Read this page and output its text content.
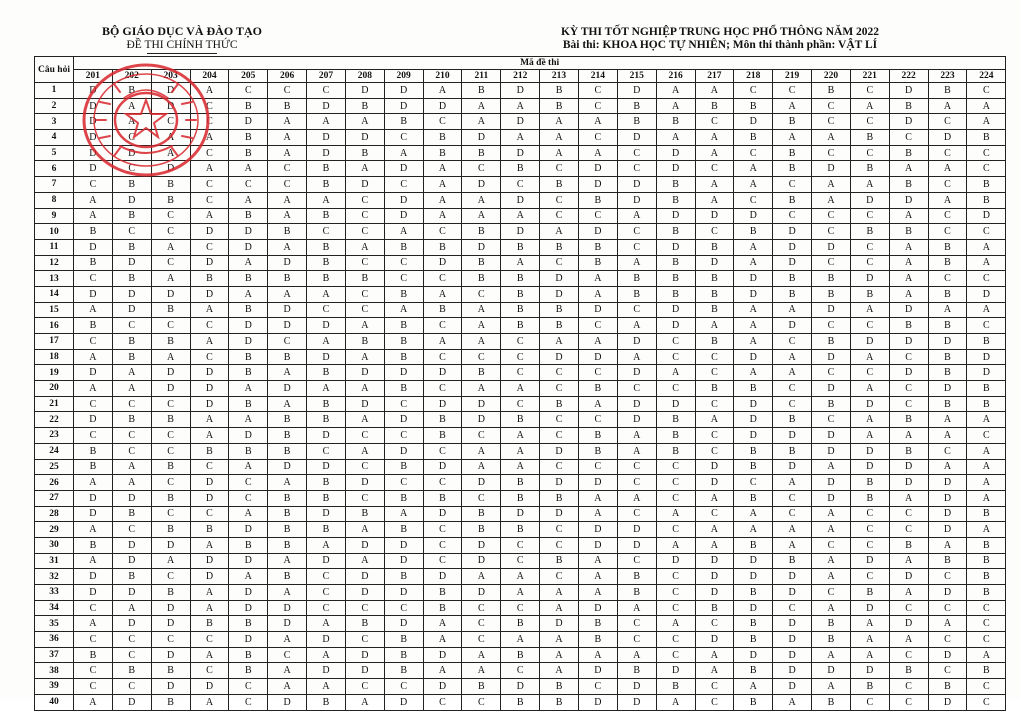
BỘ GIÁO DỤC VÀ ĐÀO TẠO
ĐỀ THI CHÍNH THỨC
KỲ THI TỐT NGHIỆP TRUNG HỌC PHỔ THÔNG NĂM 2022
Bài thi: KHOA HỌC TỰ NHIÊN; Môn thi thành phần: VẬT LÍ
Câu hỏi	Mã đề thi																							
	201	202	203	204	205	206	207	208	209	210	211	212	213	214	215	216	217	218	219	220	221	222	223	224
1	D	B	D	A	C	C	C	D	D	A	B	D	B	C	D	A	A	C	C	B	C	D	B	C
2	D	A	D	C	B	B	D	B	D	D	A	A	B	C	B	A	B	B	A	C	A	B	A	A
3	D	A	C	C	D	A	A	A	B	C	A	D	A	A	B	B	C	D	B	C	C	D	C	A
4	D	C	A	A	B	A	D	D	C	B	D	A	A	C	D	A	A	B	A	A	B	C	D	B
5	D	D	A	C	B	A	D	B	A	B	B	D	A	A	C	D	A	C	B	C	C	B	C	C
6	D	C	D	A	A	C	B	A	D	A	C	B	C	D	C	D	C	A	B	D	B	A	A	C
7	C	B	B	C	C	C	B	D	C	A	D	C	B	D	D	B	A	A	C	A	A	B	C	B
8	A	D	B	C	A	A	A	C	D	A	A	D	C	B	D	B	A	C	B	A	D	D	A	B
9	A	B	C	A	B	A	B	C	D	A	A	A	C	C	A	D	D	D	C	C	C	A	C	D
10	B	C	C	D	D	B	C	C	A	C	B	D	A	D	C	B	C	B	D	C	B	B	C	C
11	D	B	A	C	D	A	B	A	B	B	D	B	B	B	C	D	B	A	D	D	C	A	B	A
12	B	D	C	D	A	D	B	C	C	D	B	A	C	B	A	B	D	A	D	C	C	A	B	A
13	C	B	A	B	B	B	B	B	C	C	B	B	D	A	B	B	B	D	B	B	D	A	C	C
14	D	D	D	D	A	A	A	C	B	A	C	B	D	A	B	B	B	D	B	B	B	A	B	D
15	A	D	B	A	B	D	C	C	A	B	A	B	B	D	C	D	B	A	A	D	A	D	A	A
16	B	C	C	C	D	D	D	A	B	C	A	B	B	C	A	D	A	A	D	C	C	B	B	C
17	C	B	B	A	D	C	A	B	B	A	A	C	A	A	D	C	B	A	C	B	D	D	D	B
18	A	B	A	C	B	B	D	A	B	C	C	C	D	D	A	C	C	D	A	D	A	C	B	D
19	D	A	D	D	B	A	B	D	D	D	B	C	C	C	D	A	C	A	A	C	C	D	B	D
20	A	A	D	D	A	D	A	A	B	C	A	A	C	B	C	C	B	B	C	D	A	C	D	B
21	C	C	C	D	B	A	B	D	C	D	D	C	B	A	D	D	C	D	C	B	D	C	B	B
22	D	B	B	A	A	B	B	A	D	B	D	B	C	C	D	B	A	D	B	C	A	B	A	A
23	C	C	C	A	D	B	D	C	C	B	C	A	C	B	A	B	C	D	D	D	A	A	A	C
24	B	C	C	B	B	B	C	A	D	C	A	A	D	B	A	B	C	B	B	D	D	B	C	A
25	B	A	B	C	A	D	D	C	B	D	A	A	C	C	C	C	D	B	D	A	D	D	A	A
26	A	A	C	D	C	A	B	D	C	C	D	B	D	D	C	C	D	C	A	D	B	D	D	A
27	D	D	B	D	C	B	B	C	B	B	C	B	B	A	A	C	A	B	C	D	B	A	D	A
28	D	B	C	C	A	B	D	B	A	D	B	D	D	A	C	A	C	A	C	A	C	C	D	B
29	A	C	B	B	D	B	B	A	B	C	B	B	C	D	D	C	A	A	A	A	C	C	D	A
30	B	D	D	A	B	B	A	D	D	C	D	C	C	D	D	A	A	B	A	C	C	B	A	B
31	A	D	A	D	D	A	D	A	D	C	D	C	B	A	C	D	D	D	B	A	D	A	B	B
32	D	B	C	D	A	B	C	D	B	D	A	A	C	A	B	C	D	D	D	A	C	D	C	B
33	D	D	B	A	D	A	C	D	D	B	D	A	A	A	B	C	D	B	D	C	B	A	D	B
34	C	A	D	A	D	D	C	C	C	B	C	C	A	D	A	C	B	D	C	A	D	C	C	C
35	A	D	D	B	B	D	A	B	D	A	C	B	D	B	C	A	C	B	D	B	A	D	A	C
36	C	C	C	C	D	A	D	C	B	A	C	A	A	B	C	C	D	B	D	B	A	A	C	C
37	B	C	D	A	B	C	A	D	B	D	A	B	A	A	A	C	A	D	D	A	A	C	D	A
38	C	B	B	C	B	A	D	D	B	A	A	C	A	D	B	D	A	B	D	D	D	B	C	B
39	C	C	D	D	C	A	A	C	C	D	B	D	B	C	D	B	C	A	D	A	B	C	B	C
40	A	D	B	A	C	D	B	A	D	C	C	B	B	D	D	A	C	B	A	B	C	C	D	C
